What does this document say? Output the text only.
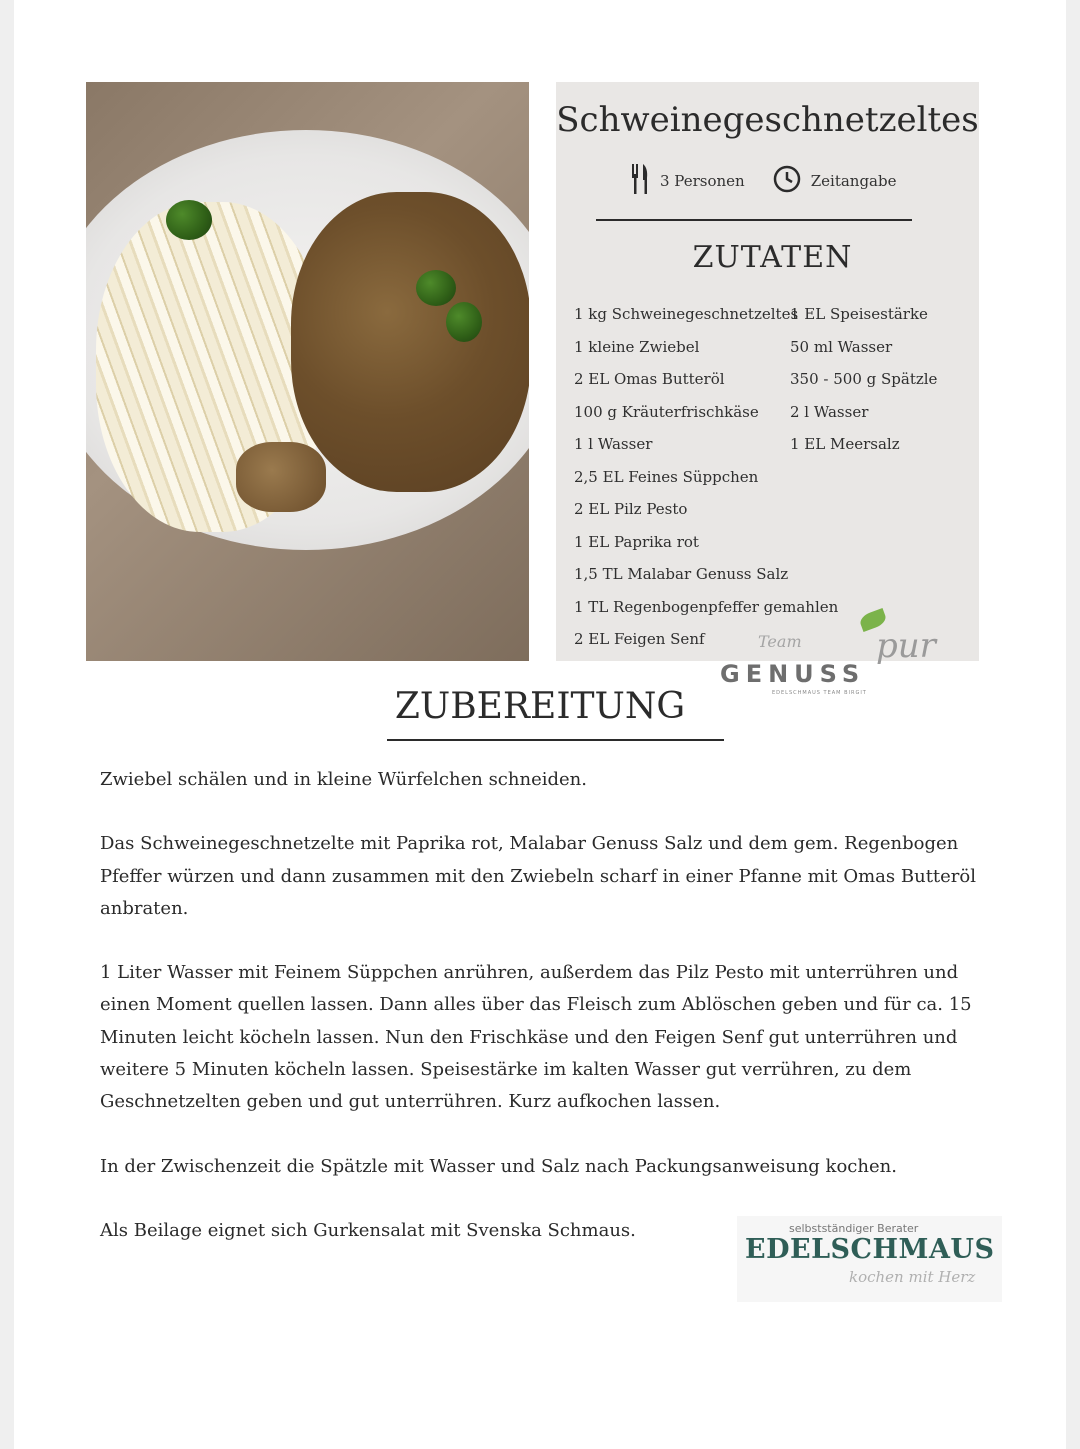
Schweinegeschnetzeltes
3 Personen	Zeitangabe
ZUTATEN
1 kg Schweinegeschnetzeltes
1 kleine Zwiebel
2 EL Omas Butteröl
100 g Kräuterfrischkäse
1 l Wasser
2,5 EL Feines Süppchen
2 EL Pilz Pesto
1 EL Paprika rot
1,5 TL Malabar Genuss Salz
1 TL Regenbogenpfeffer gemahlen
2 EL Feigen Senf
1 EL Speisestärke
50 ml Wasser
350 - 500 g Spätzle
2 l Wasser
1 EL Meersalz
Team
GENUSS
pur
EDELSCHMAUS TEAM BIRGIT
ZUBEREITUNG

Zwiebel schälen und in kleine Würfelchen schneiden.

Das Schweinegeschnetzelte mit Paprika rot, Malabar Genuss Salz und dem gem. Regenbogen Pfeffer würzen und dann zusammen mit den Zwiebeln scharf in einer Pfanne mit Omas Butteröl anbraten.

1 Liter Wasser mit Feinem Süppchen anrühren, außerdem das Pilz Pesto mit unterrühren und einen Moment quellen lassen. Dann alles über das Fleisch zum Ablöschen geben und für ca. 15 Minuten leicht köcheln lassen. Nun den Frischkäse und den Feigen Senf gut unterrühren und weitere 5 Minuten köcheln lassen. Speisestärke im kalten Wasser gut verrühren, zu dem Geschnetzelten geben und gut unterrühren. Kurz aufkochen lassen.

In der Zwischenzeit die Spätzle mit Wasser und Salz nach Packungsanweisung kochen.

Als Beilage eignet sich Gurkensalat mit Svenska Schmaus.	selbstständiger Berater
EDELSCHMAUS
kochen mit Herz
